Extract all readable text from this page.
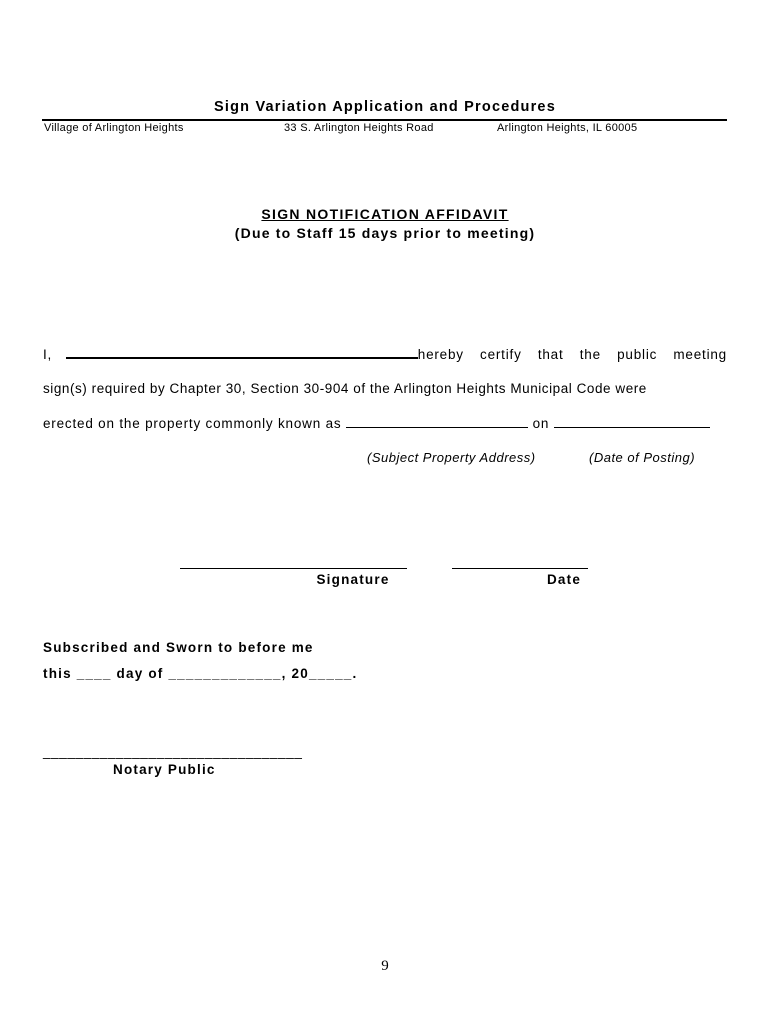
Sign Variation Application and Procedures
Village of Arlington Heights	33 S. Arlington Heights Road	Arlington Heights, IL 60005
SIGN NOTIFICATION AFFIDAVIT
(Due to Staff 15 days prior to meeting)
I,	hereby certify that the public meeting
sign(s) required by Chapter 30, Section 30-904 of the Arlington Heights Municipal Code were
erected on the property commonly known as	on
(Subject Property Address)	(Date of Posting)
Signature	Date
Subscribed and Sworn to before me
this ____ day of _____________, 20_____.
________________________________
Notary Public
9
